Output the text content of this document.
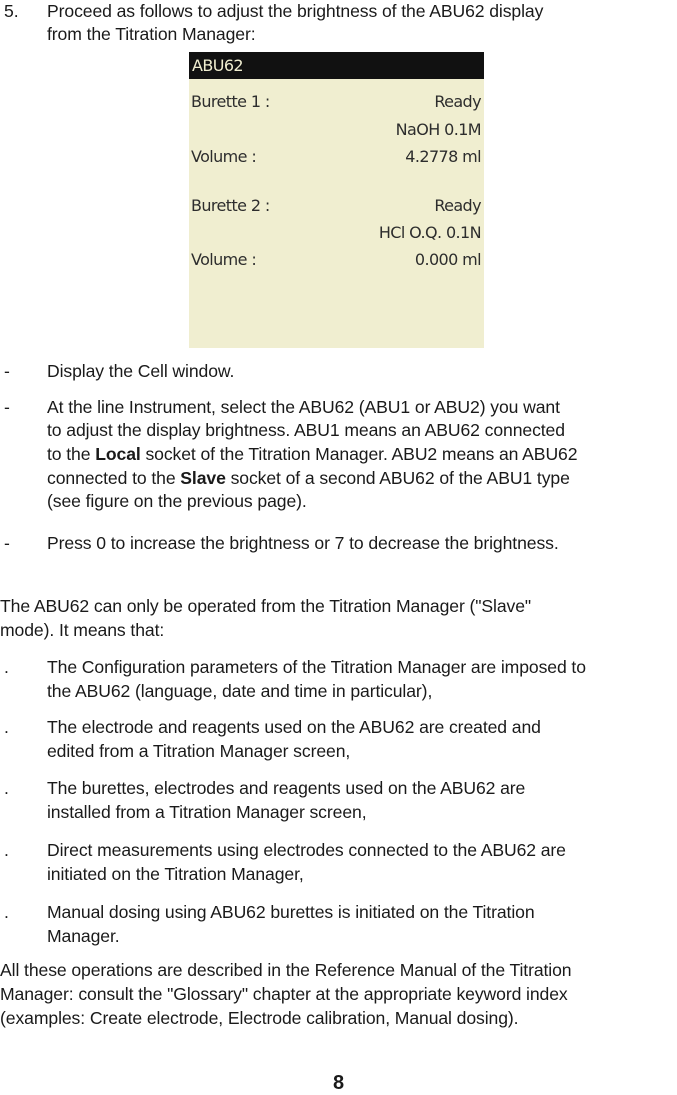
5. Proceed as follows to adjust the brightness of the ABU62 display
from the Titration Manager:
ABU62
Burette 1 :	Ready
NaOH 0.1M
Volume :	4.2778 ml
Burette 2 :	Ready
HCl O.Q. 0.1N
Volume :	0.000 ml
- Display the Cell window.
- At the line Instrument, select the ABU62 (ABU1 or ABU2) you want
to adjust the display brightness. ABU1 means an ABU62 connected
to the Local socket of the Titration Manager. ABU2 means an ABU62
connected to the Slave socket of a second ABU62 of the ABU1 type
(see figure on the previous page).
- Press 0 to increase the brightness or 7 to decrease the brightness.
The ABU62 can only be operated from the Titration Manager ("Slave"
mode). It means that:
. The Configuration parameters of the Titration Manager are imposed to
the ABU62 (language, date and time in particular),
. The electrode and reagents used on the ABU62 are created and
edited from a Titration Manager screen,
. The burettes, electrodes and reagents used on the ABU62 are
installed from a Titration Manager screen,
. Direct measurements using electrodes connected to the ABU62 are
initiated on the Titration Manager,
. Manual dosing using ABU62 burettes is initiated on the Titration
Manager.
All these operations are described in the Reference Manual of the Titration
Manager: consult the "Glossary" chapter at the appropriate keyword index
(examples: Create electrode, Electrode calibration, Manual dosing).
8
